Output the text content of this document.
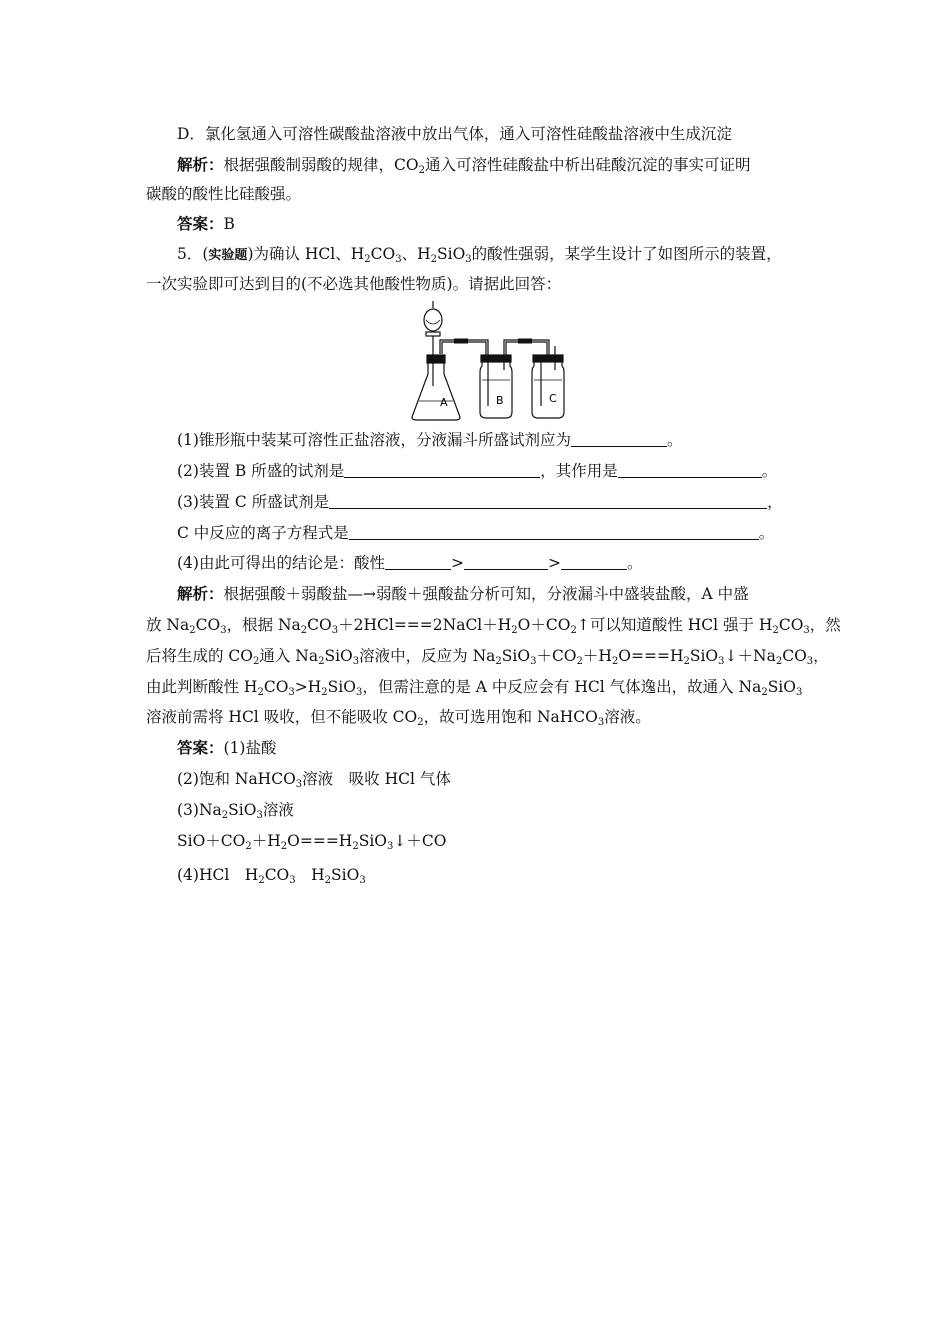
D．氯化氢通入可溶性碳酸盐溶液中放出气体，通入可溶性硅酸盐溶液中生成沉淀
解析：根据强酸制弱酸的规律，$CO_2$通入可溶性硅酸盐中析出硅酸沉淀的事实可证明
碳酸的酸性比硅酸强。
答案：B
5．(实验题)为确认 HCl、$H_2CO_3$、$H_2SiO_3$的酸性强弱，某学生设计了如图所示的装置，
一次实验即可达到目的(不必选其他酸性物质)。请据此回答：
A	B	C
(1)锥形瓶中装某可溶性正盐溶液，分液漏斗所盛试剂应为	。
(2)装置 B 所盛的试剂是	，其作用是	。
(3)装置 C 所盛试剂是	，
C 中反应的离子方程式是	。
(4)由此可得出的结论是：酸性	>	>	。
解析：根据强酸＋弱酸盐—→弱酸＋强酸盐分析可知，分液漏斗中盛装盐酸，A 中盛
放 $Na_2CO_3$，根据 $Na_2CO_3+2HCl===2NaCl+H_2O+CO_2↑$可以知道酸性 HCl 强于 $H_2CO_3$，然
后将生成的 $CO_2$通入 $Na_2SiO_3$溶液中，反应为 $Na_2SiO_3+CO_2+H_2O===H_2SiO_3↓+Na_2CO_3$，
由此判断酸性 $H_2CO_3>H_2SiO_3$，但需注意的是 A 中反应会有 HCl 气体逸出，故通入 $Na_2SiO_3$
溶液前需将 HCl 吸收，但不能吸收 $CO_2$，故可选用饱和 NaHCO$_3$溶液。
答案：(1)盐酸
(2)饱和 NaHCO$_3$溶液　吸收 HCl 气体
$(3)Na_2SiO_3$溶液
$SiO+CO_2+H_2O===H_2SiO_3↓+CO$
(4)HCl　$H_2CO_3$　$H_2SiO_3$
